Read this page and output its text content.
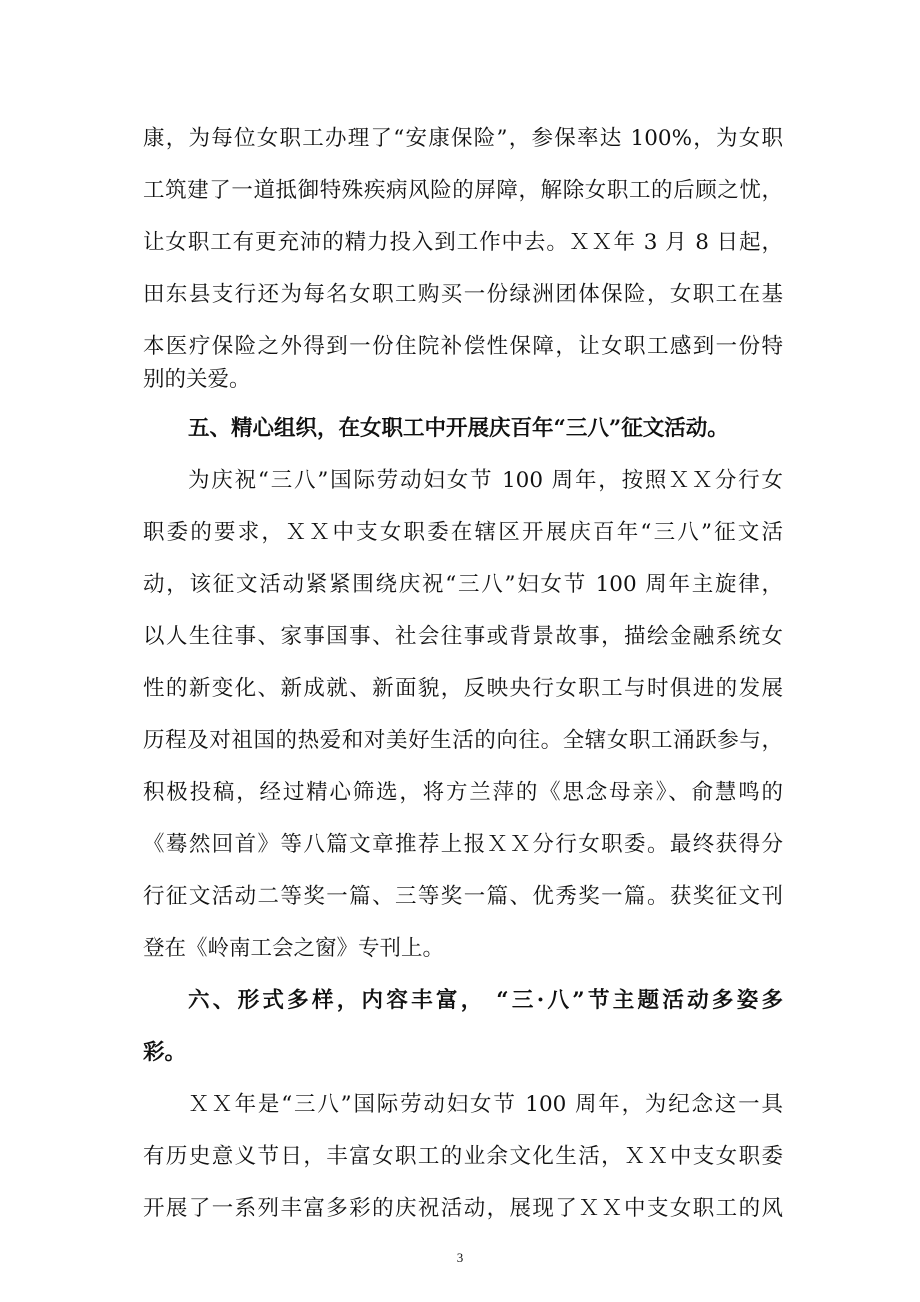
康，为每位女职工办理了“安康保险”，参保率达 100%，为女职
工筑建了一道抵御特殊疾病风险的屏障，解除女职工的后顾之忧，
让女职工有更充沛的精力投入到工作中去。ＸＸ年 3 月 8 日起，
田东县支行还为每名女职工购买一份绿洲团体保险，女职工在基
本医疗保险之外得到一份住院补偿性保障，让女职工感到一份特
别的关爱。
五、精心组织，在女职工中开展庆百年“三八”征文活动。
为庆祝“三八”国际劳动妇女节 100 周年，按照ＸＸ分行女
职委的要求，ＸＸ中支女职委在辖区开展庆百年“三八”征文活
动，该征文活动紧紧围绕庆祝“三八”妇女节 100 周年主旋律，
以人生往事、家事国事、社会往事或背景故事，描绘金融系统女
性的新变化、新成就、新面貌，反映央行女职工与时俱进的发展
历程及对祖国的热爱和对美好生活的向往。全辖女职工涌跃参与，
积极投稿，经过精心筛选，将方兰萍的《思念母亲》、俞慧鸣的
《蓦然回首》等八篇文章推荐上报ＸＸ分行女职委。最终获得分
行征文活动二等奖一篇、三等奖一篇、优秀奖一篇。获奖征文刊
登在《岭南工会之窗》专刊上。
六、形式多样，内容丰富， “三·八”节主题活动多姿多
彩。
ＸＸ年是“三八”国际劳动妇女节 100 周年，为纪念这一具
有历史意义节日，丰富女职工的业余文化生活，ＸＸ中支女职委
开展了一系列丰富多彩的庆祝活动，展现了ＸＸ中支女职工的风
3
